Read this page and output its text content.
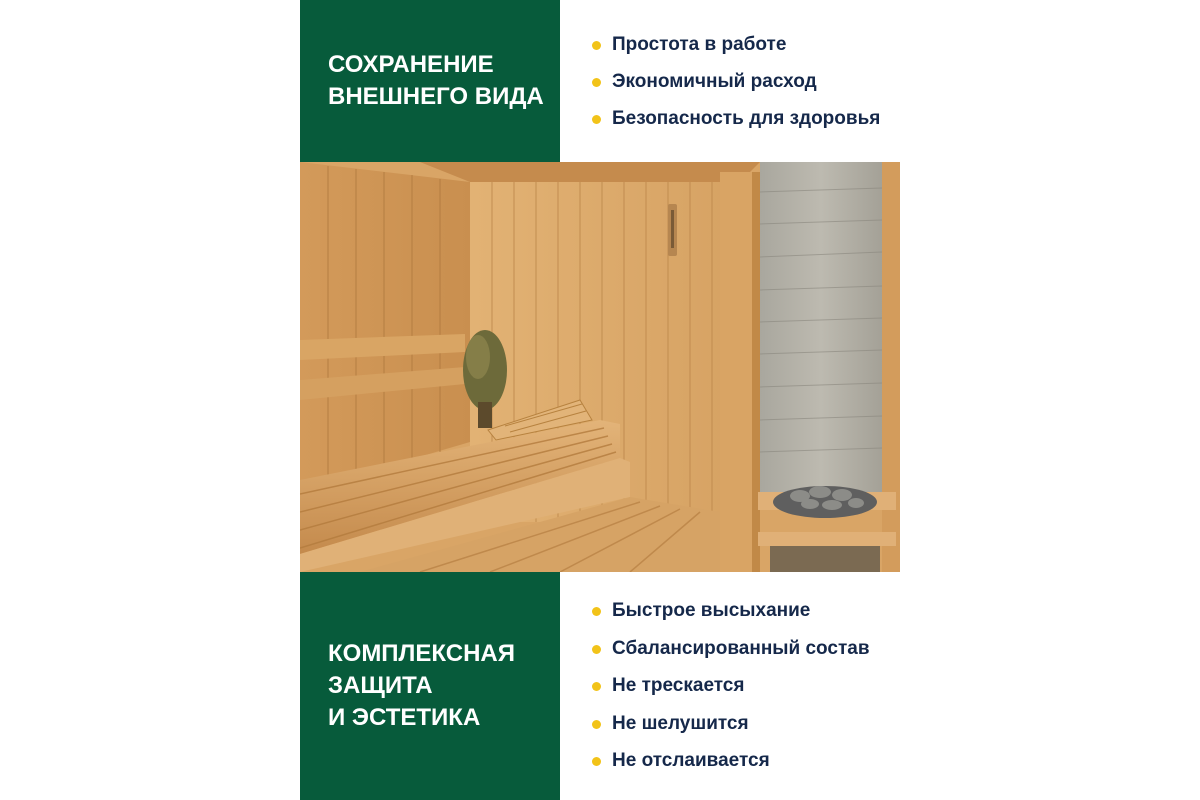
СОХРАНЕНИЕ
ВНЕШНЕГО ВИДА
Простота в работе
Экономичный расход
Безопасность для здоровья
КОМПЛЕКСНАЯ
ЗАЩИТА
И ЭСТЕТИКА
Быстрое высыхание
Сбалансированный состав
Не трескается
Не шелушится
Не отслаивается
